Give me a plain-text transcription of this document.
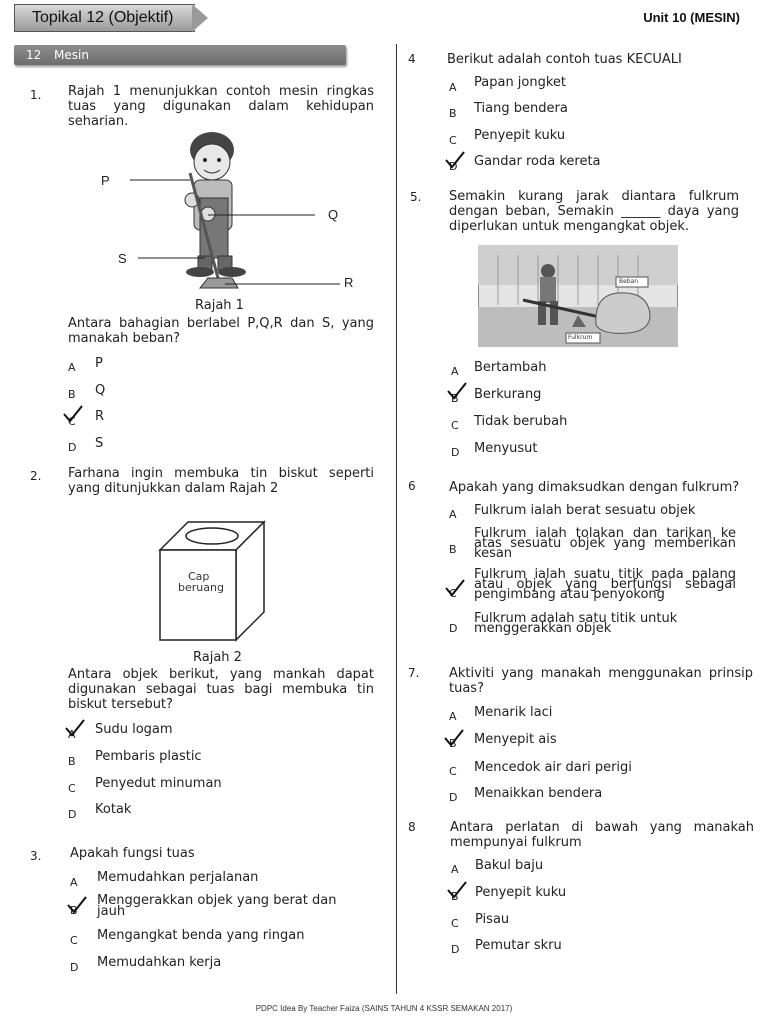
Topikal 12 (Objektif)	Unit 10 (MESIN)
12 Mesin
1. Rajah 1 menunjukkan contoh mesin ringkas tuas yang digunakan dalam kehidupan seharian.
P
Q
S
R
Rajah 1
Antara bahagian berlabel P,Q,R dan S, yang manakah beban?
A P
B Q
C R
D S
2. Farhana ingin membuka tin biskut seperti yang ditunjukkan dalam Rajah 2
Cap
beruang
Rajah 2
Antara objek berikut, yang mankah dapat digunakan sebagai tuas bagi membuka tin biskut tersebut?
A Sudu logam
B Pembaris plastic
C Penyedut minuman
D Kotak
3. Apakah fungsi tuas
A Memudahkan perjalanan
B
Menggerakkan objek yang berat dan jauh
C Mengangkat benda yang ringan
D Memudahkan kerja
4 Berikut adalah contoh tuas KECUALI
A Papan jongket
B Tiang bendera
C Penyepit kuku
D Gandar roda kereta
5. Semakin kurang jarak diantara fulkrum dengan beban, Semakin ______ daya yang diperlukan untuk mengangkat objek.
Beban
Fulkrum
A Bertambah
B Berkurang
C Tidak berubah
D Menyusut
6	Apakah yang dimaksudkan dengan fulkrum?
A Fulkrum ialah berat sesuatu objek
B
Fulkrum ialah tolakan dan tarikan ke atas sesuatu objek yang memberikan kesan
C
Fulkrum ialah suatu titik pada palang atau objek yang berfungsi sebagai pengimbang atau penyokong
D
Fulkrum adalah satu titik untuk menggerakkan objek
7. Aktiviti yang manakah menggunakan prinsip tuas?
A Menarik laci
B Menyepit ais
C Mencedok air dari perigi
D Menaikkan bendera
8	Antara perlatan di bawah yang manakah mempunyai fulkrum
A Bakul baju
B Penyepit kuku
C Pisau
D Pemutar skru
PDPC Idea By Teacher Faiza (SAINS TAHUN 4 KSSR SEMAKAN 2017)
